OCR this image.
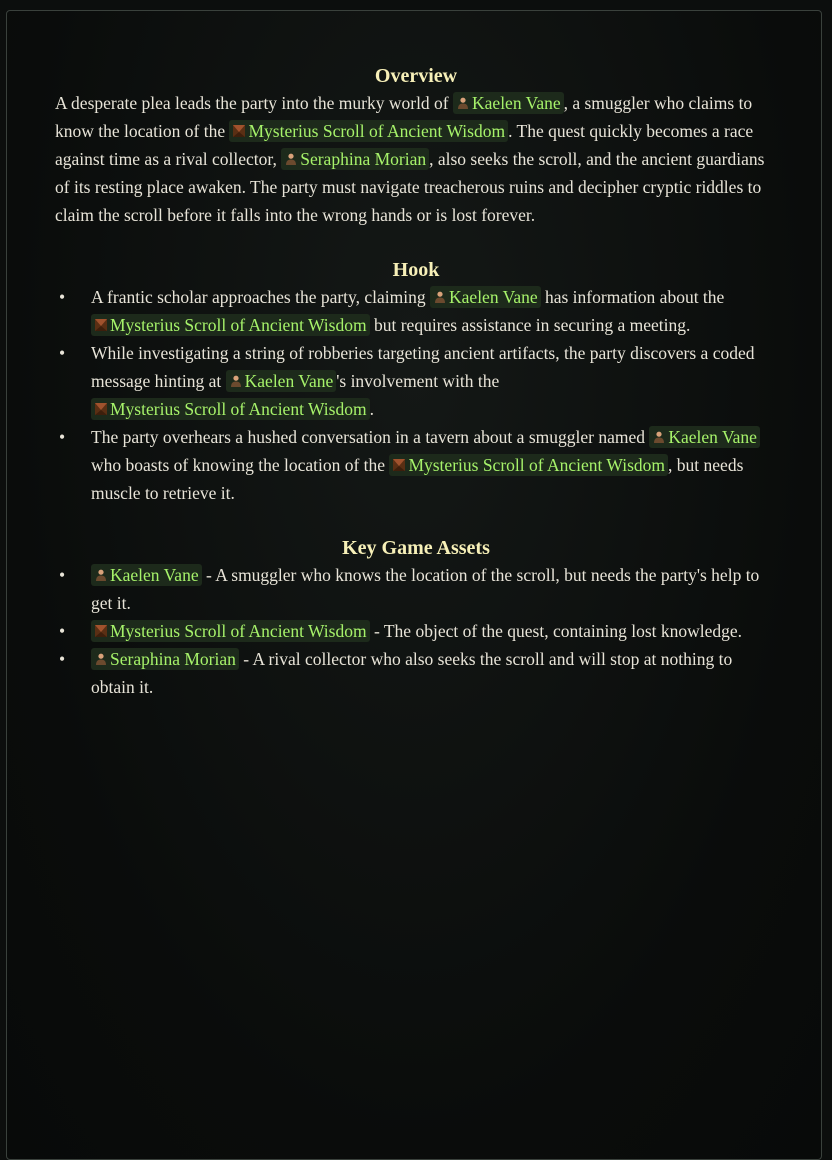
Overview

A desperate plea leads the party into the murky world of Kaelen Vane , a smuggler who claims to know the location of the Mysterius Scroll of Ancient Wisdom . The quest quickly becomes a race against time as a rival collector, Seraphina Morian , also seeks the scroll, and the ancient guardians of its resting place awaken. The party must navigate treacherous ruins and decipher cryptic riddles to claim the scroll before it falls into the wrong hands or is lost forever.

Hook
• A frantic scholar approaches the party, claiming Kaelen Vane has information about the Mysterius Scroll of Ancient Wisdom but requires assistance in securing a meeting.
• While investigating a string of robberies targeting ancient artifacts, the party discovers a coded message hinting at Kaelen Vane 's involvement with the Mysterius Scroll of Ancient Wisdom .
• The party overhears a hushed conversation in a tavern about a smuggler named Kaelen Vane who boasts of knowing the location of the Mysterius Scroll of Ancient Wisdom , but needs muscle to retrieve it.
Key Game Assets
•	Kaelen Vane - A smuggler who knows the location of the scroll, but needs the party's help to get it.
•	Mysterius Scroll of Ancient Wisdom - The object of the quest, containing lost knowledge.
•	Seraphina Morian - A rival collector who also seeks the scroll and will stop at nothing to obtain it.
